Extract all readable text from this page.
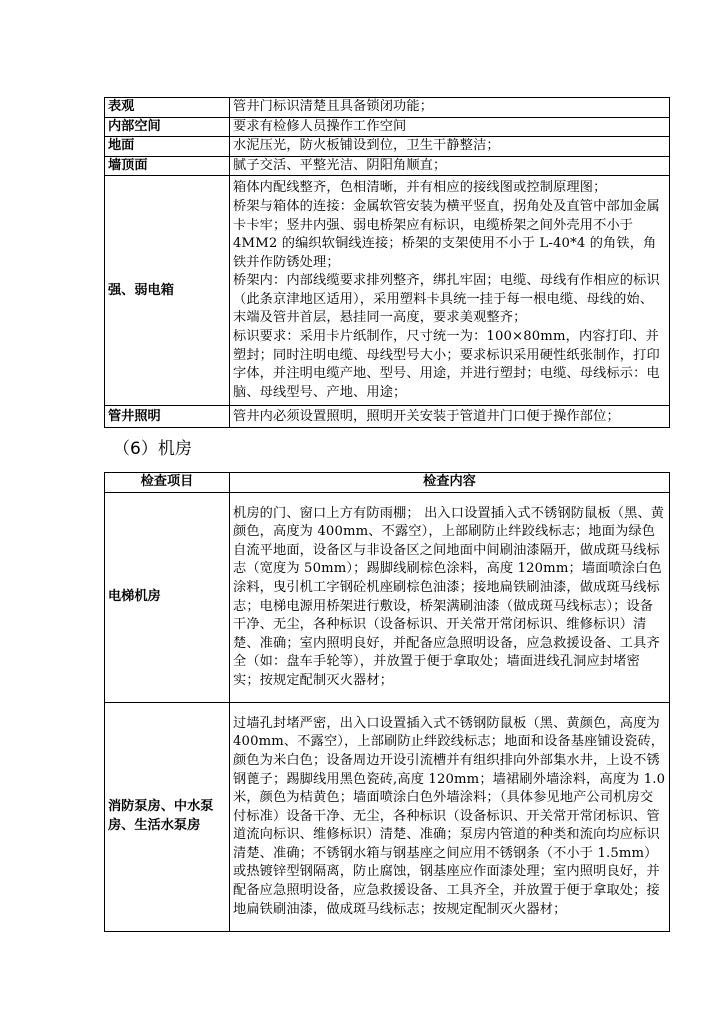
表观	管井门标识清楚且具备锁闭功能；

内部空间	要求有检修人员操作工作空间

地面	水泥压光，防火板铺设到位，卫生干静整洁；

墙顶面	腻子交活、平整光洁、阴阳角顺直；

强、弱电箱	箱体内配线整齐，色相清晰，并有相应的接线图或控制原理图；
桥架与箱体的连接：金属软管安装为横平竖直，拐角处及直管中部加金属卡卡牢；竖井内强、弱电桥架应有标识，电缆桥架之间外壳用不小于 4MM2 的编织软铜线连接；桥架的支架使用不小于 L-40*4 的角铁，角铁并作防锈处理；
桥架内：内部线缆要求排列整齐，绑扎牢固；电缆、母线有作相应的标识（此条京津地区适用），采用塑料卡具统一挂于每一根电缆、母线的始、末端及管井首层，悬挂同一高度，要求美观整齐；
标识要求：采用卡片纸制作，尺寸统一为：100×80mm，内容打印、并塑封；同时注明电缆、母线型号大小；要求标识采用硬性纸张制作，打印字体，并注明电缆产地、型号、用途，并进行塑封；电缆、母线标示：电脑、母线型号、产地、用途；

管井照明	管井内必须设置照明，照明开关安装于管道井门口便于操作部位；
（6）机房
检查项目	检查内容
电梯机房	机房的门、窗口上方有防雨棚； 出入口设置插入式不锈钢防鼠板（黑、黄颜色，高度为 400mm、不露空），上部刷防止绊跤线标志；地面为绿色自流平地面，设备区与非设备区之间地面中间刷油漆隔开，做成斑马线标志（宽度为 50mm）；踢脚线刷棕色涂料，高度 120mm；墙面喷涂白色涂料，曳引机工字钢砼机座刷棕色油漆；接地扁铁刷油漆，做成斑马线标志；电梯电源用桥架进行敷设，桥架满刷油漆（做成斑马线标志）；设备干净、无尘，各种标识（设备标识、开关常开常闭标识、维修标识）清楚、准确；室内照明良好，并配备应急照明设备，应急救援设备、工具齐全（如：盘车手轮等），并放置于便于拿取处；墙面进线孔洞应封堵密实；按规定配制灭火器材；
消防泵房、中水泵房、生活水泵房	过墙孔封堵严密，出入口设置插入式不锈钢防鼠板（黑、黄颜色，高度为 400mm、不露空），上部刷防止绊跤线标志；地面和设备基座铺设瓷砖，颜色为米白色；设备周边开设引流槽并有组织排向外部集水井，上设不锈钢蓖子；踢脚线用黑色瓷砖,高度 120mm；墙裙刷外墙涂料，高度为 1.0 米，颜色为桔黄色；墙面喷涂白色外墙涂料；（具体参见地产公司机房交付标准）设备干净、无尘，各种标识（设备标识、开关常开常闭标识、管道流向标识、维修标识）清楚、准确；泵房内管道的种类和流向均应标识清楚、准确；不锈钢水箱与钢基座之间应用不锈钢条（不小于 1.5mm）或热镀锌型钢隔离，防止腐蚀，钢基座应作面漆处理；室内照明良好，并配备应急照明设备，应急救援设备、工具齐全，并放置于便于拿取处；接地扁铁刷油漆，做成斑马线标志；按规定配制灭火器材；
